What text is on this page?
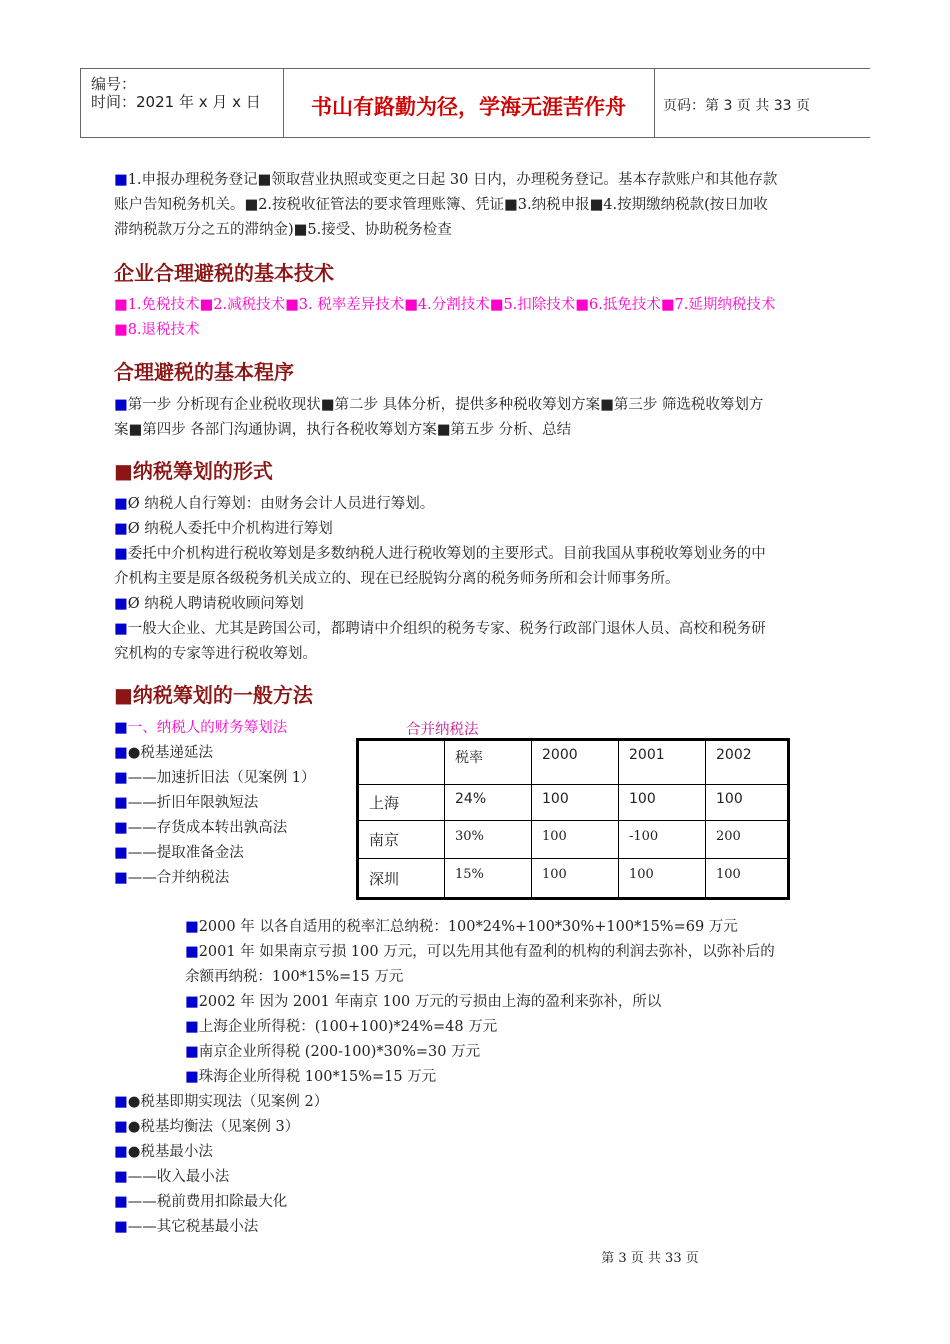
编号：
时间：2021 年 x 月 x 日	书山有路勤为径，学海无涯苦作舟	页码：第 3 页 共 33 页
■1.申报办理税务登记■领取营业执照或变更之日起 30 日内，办理税务登记。基本存款账户和其他存款
账户告知税务机关。■2.按税收征管法的要求管理账簿、凭证■3.纳税申报■4.按期缴纳税款(按日加收
滞纳税款万分之五的滞纳金)■5.接受、协助税务检查
企业合理避税的基本技术
■1.免税技术■2.减税技术■3. 税率差异技术■4.分割技术■5.扣除技术■6.抵免技术■7.延期纳税技术
■8.退税技术
合理避税的基本程序
■第一步 分析现有企业税收现状■第二步 具体分析，提供多种税收筹划方案■第三步 筛选税收筹划方
案■第四步 各部门沟通协调，执行各税收筹划方案■第五步 分析、总结
■纳税筹划的形式
■Ø 纳税人自行筹划：由财务会计人员进行筹划。
■Ø 纳税人委托中介机构进行筹划
■委托中介机构进行税收筹划是多数纳税人进行税收筹划的主要形式。目前我国从事税收筹划业务的中
介机构主要是原各级税务机关成立的、现在已经脱钩分离的税务师务所和会计师事务所。
■Ø 纳税人聘请税收顾问筹划
■一般大企业、尤其是跨国公司，都聘请中介组织的税务专家、税务行政部门退休人员、高校和税务研
究机构的专家等进行税收筹划。
■纳税筹划的一般方法
■一、纳税人的财务筹划法	合并纳税法
■●税基递延法
■——加速折旧法（见案例 1）
■——折旧年限孰短法
■——存货成本转出孰高法
■——提取准备金法
■——合并纳税法
	税率	2000	2001	2002
上海	24%	100	100	100
南京	30%	100	-100	200
深圳	15%	100	100	100
■2000 年 以各自适用的税率汇总纳税：100*24%+100*30%+100*15%=69 万元
■2001 年 如果南京亏损 100 万元，可以先用其他有盈利的机构的利润去弥补，以弥补后的
余额再纳税：100*15%=15 万元
■2002 年 因为 2001 年南京 100 万元的亏损由上海的盈利来弥补，所以
■上海企业所得税：(100+100)*24%=48 万元
■南京企业所得税 (200-100)*30%=30 万元
■珠海企业所得税 100*15%=15 万元
■●税基即期实现法（见案例 2）
■●税基均衡法（见案例 3）
■●税基最小法
■——收入最小法
■——税前费用扣除最大化
■——其它税基最小法
第 3 页 共 33 页
